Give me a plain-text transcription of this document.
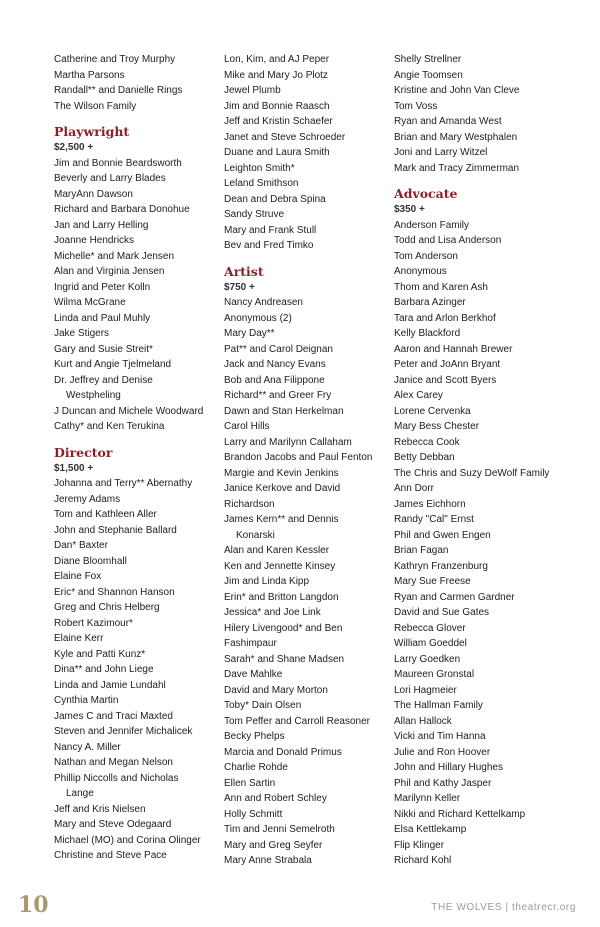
Catherine and Troy Murphy
Martha Parsons
Randall** and Danielle Rings
The Wilson Family
Playwright
$2,500 +
Jim and Bonnie Beardsworth
Beverly and Larry Blades
MaryAnn Dawson
Richard and Barbara Donohue
Jan and Larry Helling
Joanne Hendricks
Michelle* and Mark Jensen
Alan and Virginia Jensen
Ingrid and Peter Kolln
Wilma McGrane
Linda and Paul Muhly
Jake Stigers
Gary and Susie Streit*
Kurt and Angie Tjelmeland
Dr. Jeffrey and Denise
Westpheling
J Duncan and Michele Woodward
Cathy* and Ken Terukina
Director
$1,500 +
Johanna and Terry** Abernathy
Jeremy Adams
Tom and Kathleen Aller
John and Stephanie Ballard
Dan* Baxter
Diane Bloomhall
Elaine Fox
Eric* and Shannon Hanson
Greg and Chris Helberg
Robert Kazimour*
Elaine Kerr
Kyle and Patti Kunz*
Dina** and John Liege
Linda and Jamie Lundahl
Cynthia Martin
James C and Traci Maxted
Steven and Jennifer Michalicek
Nancy A. Miller
Nathan and Megan Nelson
Phillip Niccolls and Nicholas
Lange
Jeff and Kris Nielsen
Mary and Steve Odegaard
Michael (MO) and Corina Olinger
Christine and Steve Pace
Lon, Kim, and AJ Peper
Mike and Mary Jo Plotz
Jewel Plumb
Jim and Bonnie Raasch
Jeff and Kristin Schaefer
Janet and Steve Schroeder
Duane and Laura Smith
Leighton Smith*
Leland Smithson
Dean and Debra Spina
Sandy Struve
Mary and Frank Stull
Bev and Fred Timko
Artist
$750 +
Nancy Andreasen
Anonymous (2)
Mary Day**
Pat** and Carol Deignan
Jack and Nancy Evans
Bob and Ana Filippone
Richard** and Greer Fry
Dawn and Stan Herkelman
Carol Hills
Larry and Marilynn Callaham
Brandon Jacobs and Paul Fenton
Margie and Kevin Jenkins
Janice Kerkove and David
Richardson
James Kern** and Dennis
Konarski
Alan and Karen Kessler
Ken and Jennette Kinsey
Jim and Linda Kipp
Erin* and Britton Langdon
Jessica* and Joe Link
Hilery Livengood* and Ben
Fashimpaur
Sarah* and Shane Madsen
Dave Mahlke
David and Mary Morton
Toby* Dain Olsen
Tom Peffer and Carroll Reasoner
Becky Phelps
Marcia and Donald Primus
Charlie Rohde
Ellen Sartin
Ann and Robert Schley
Holly Schmitt
Tim and Jenni Semelroth
Mary and Greg Seyfer
Mary Anne Strabala
Shelly Strellner
Angie Toomsen
Kristine and John Van Cleve
Tom Voss
Ryan and Amanda West
Brian and Mary Westphalen
Joni and Larry Witzel
Mark and Tracy Zimmerman
Advocate
$350 +
Anderson Family
Todd and Lisa Anderson
Tom Anderson
Anonymous
Thom and Karen Ash
Barbara Azinger
Tara and Arlon Berkhof
Kelly Blackford
Aaron and Hannah Brewer
Peter and JoAnn Bryant
Janice and Scott Byers
Alex Carey
Lorene Cervenka
Mary Bess Chester
Rebecca Cook
Betty Debban
The Chris and Suzy DeWolf Family
Ann Dorr
James Eichhorn
Randy "Cal" Ernst
Phil and Gwen Engen
Brian Fagan
Kathryn Franzenburg
Mary Sue Freese
Ryan and Carmen Gardner
David and Sue Gates
Rebecca Glover
William Goeddel
Larry Goedken
Maureen Gronstal
Lori Hagmeier
The Hallman Family
Allan Hallock
Vicki and Tim Hanna
Julie and Ron Hoover
John and Hillary Hughes
Phil and Kathy Jasper
Marilynn Keller
Nikki and Richard Kettelkamp
Elsa Kettlekamp
Flip Klinger
Richard Kohl
10	THE WOLVES | theatrecr.org
